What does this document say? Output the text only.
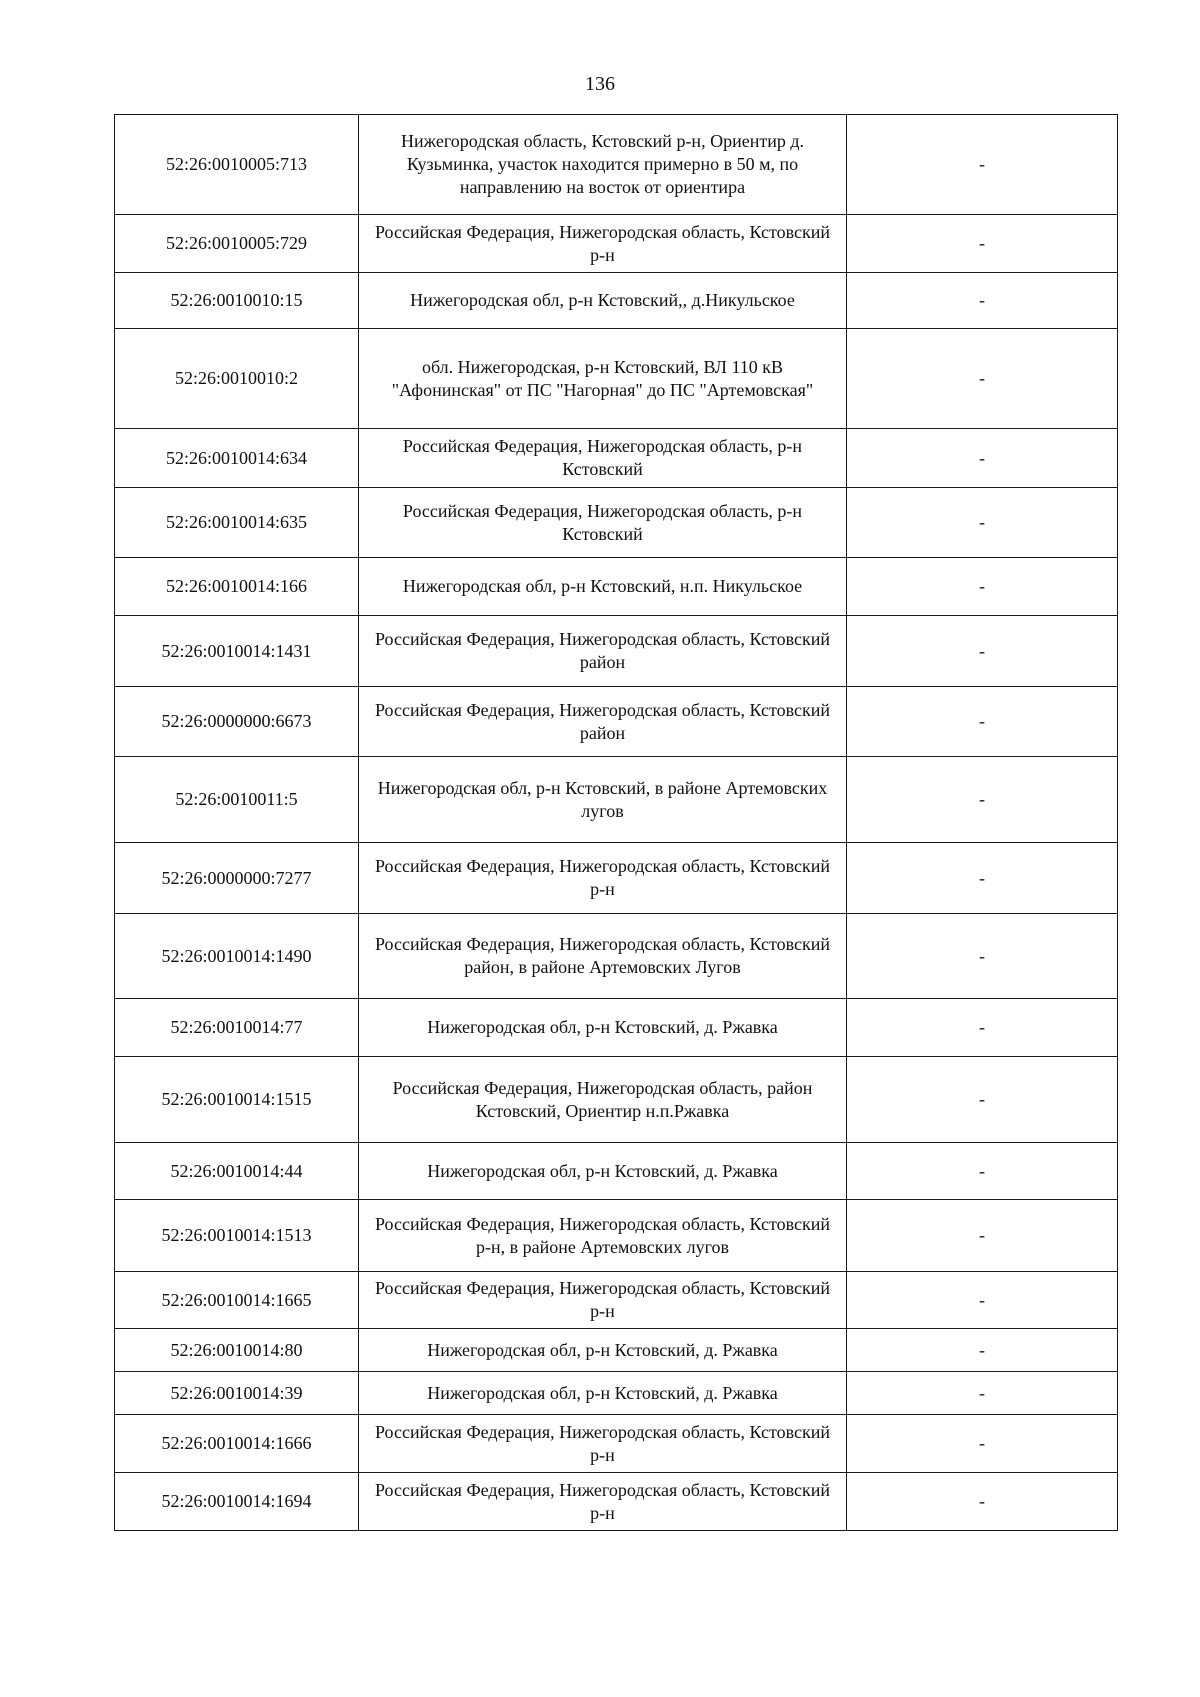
136
52:26:0010005:713	Нижегородская область, Кстовский р-н, Ориентир д. Кузьминка, участок находится примерно в 50 м, по направлению на восток от ориентира	-
52:26:0010005:729	Российская Федерация, Нижегородская область, Кстовский р-н	-
52:26:0010010:15	Нижегородская обл, р-н Кстовский,, д.Никульское	-
52:26:0010010:2	обл. Нижегородская, р-н Кстовский, ВЛ 110 кВ "Афонинская" от ПС "Нагорная" до ПС "Артемовская"	-
52:26:0010014:634	Российская Федерация, Нижегородская область, р-н Кстовский	-
52:26:0010014:635	Российская Федерация, Нижегородская область, р-н Кстовский	-
52:26:0010014:166	Нижегородская обл, р-н Кстовский, н.п. Никульское	-
52:26:0010014:1431	Российская Федерация, Нижегородская область, Кстовский район	-
52:26:0000000:6673	Российская Федерация, Нижегородская область, Кстовский район	-
52:26:0010011:5	Нижегородская обл, р-н Кстовский, в районе Артемовских лугов	-
52:26:0000000:7277	Российская Федерация, Нижегородская область, Кстовский р-н	-
52:26:0010014:1490	Российская Федерация, Нижегородская область, Кстовский район, в районе Артемовских Лугов	-
52:26:0010014:77	Нижегородская обл, р-н Кстовский, д. Ржавка	-
52:26:0010014:1515	Российская Федерация, Нижегородская область, район Кстовский, Ориентир н.п.Ржавка	-
52:26:0010014:44	Нижегородская обл, р-н Кстовский, д. Ржавка	-
52:26:0010014:1513	Российская Федерация, Нижегородская область, Кстовский р-н, в районе Артемовских лугов	-
52:26:0010014:1665	Российская Федерация, Нижегородская область, Кстовский р-н	-
52:26:0010014:80	Нижегородская обл, р-н Кстовский, д. Ржавка	-
52:26:0010014:39	Нижегородская обл, р-н Кстовский, д. Ржавка	-
52:26:0010014:1666	Российская Федерация, Нижегородская область, Кстовский р-н	-
52:26:0010014:1694	Российская Федерация, Нижегородская область, Кстовский р-н	-
